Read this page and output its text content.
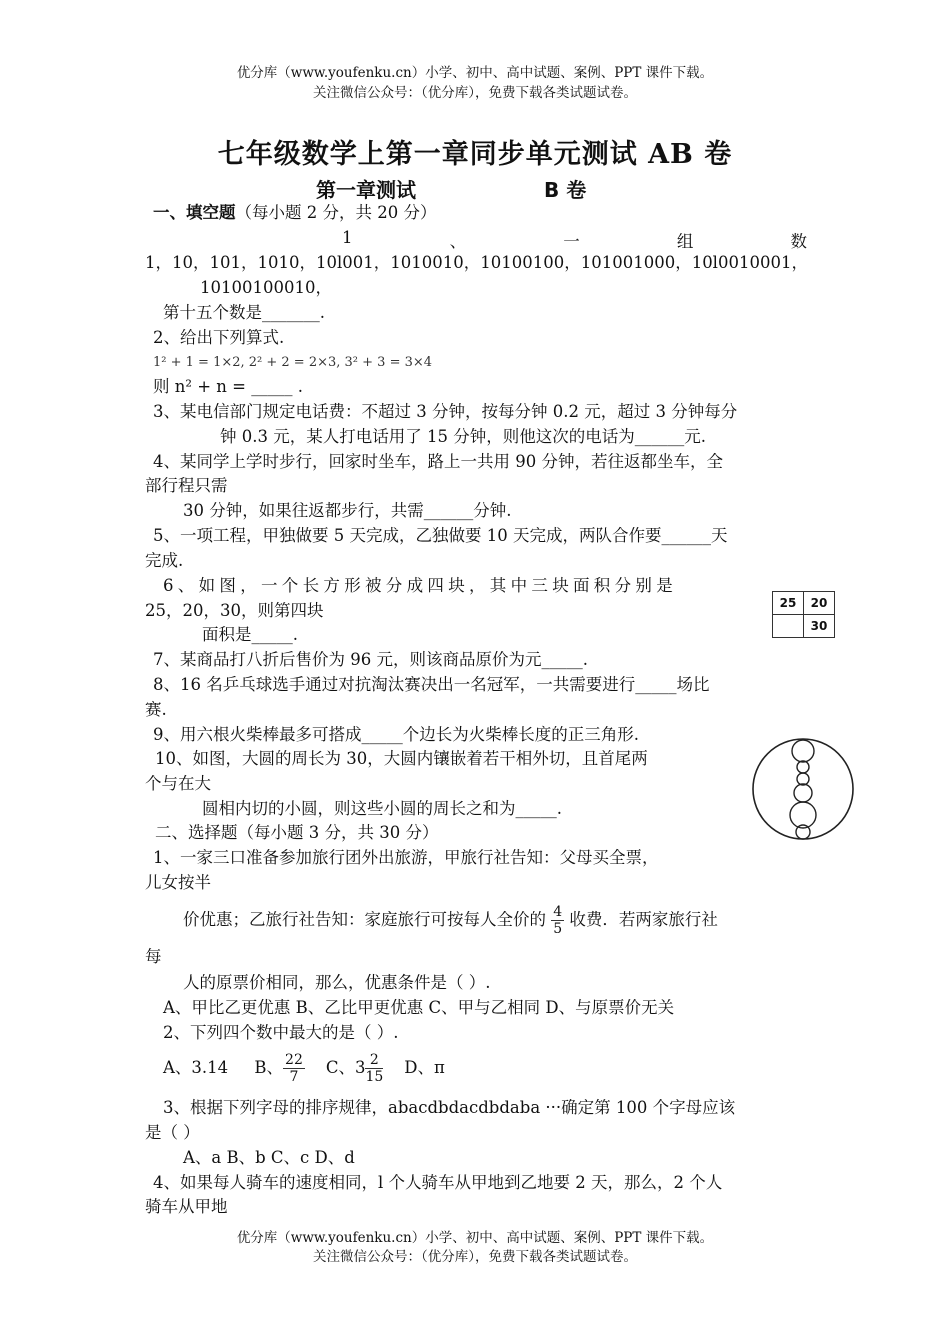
优分库（www.youfenku.cn）小学、初中、高中试题、案例、PPT 课件下载。
关注微信公众号：（优分库），免费下载各类试题试卷。
七年级数学上第一章同步单元测试 AB 卷
第一章测试	B 卷
一、填空题（每小题 2 分，共 20 分）
1	、	一	组	数
1，10，101，1010，10l001，1010010，10100100，101001000，10l0010001，
10100100010，
第十五个数是_______.
2、给出下列算式.
1² + 1 = 1×2, 2² + 2 = 2×3, 3² + 3 = 3×4
则 n² + n = _____ .
3、某电信部门规定电话费：不超过 3 分钟，按每分钟 0.2 元，超过 3 分钟每分
钟 0.3 元，某人打电话用了 15 分钟，则他这次的电话为______元.
4、某同学上学时步行，回家时坐车，路上一共用 90 分钟，若往返都坐车，全
部行程只需
30 分钟，如果往返都步行，共需______分钟.
5、一项工程，甲独做要 5 天完成，乙独做要 10 天完成，两队合作要______天
完成.
6、如图，一个长方形被分成四块，其中三块面积分别是
25，20，30，则第四块
面积是_____.
25	20
	30
7、某商品打八折后售价为 96 元，则该商品原价为元_____.
8、16 名乒乓球选手通过对抗淘汰赛决出一名冠军，一共需要进行_____场比
赛.
9、用六根火柴棒最多可搭成_____个边长为火柴棒长度的正三角形.
10、如图，大圆的周长为 30，大圆内镶嵌着若干相外切，且首尾两
个与在大
圆相内切的小圆，则这些小圆的周长之和为_____.
二、选择题（每小题 3 分，共 30 分）
1、一家三口准备参加旅行团外出旅游，甲旅行社告知：父母买全票，
儿女按半
价优惠；乙旅行社告知：家庭旅行可按每人全价的 $\frac{4}{5}$ 收费．若两家旅行社
每
人的原票价相同，那么，优惠条件是（ ）.
A、甲比乙更优惠 B、乙比甲更优惠 C、甲与乙相同 D、与原票价无关
2、下列四个数中最大的是（ ）.
A、3.14 B、 $\frac{22}{7}$ C、$3 \frac{2}{15}$ D、π
3、根据下列字母的排序规律，abacdbdacdbdaba ···确定第 100 个字母应该
是（ ）
A、a B、b C、c D、d
4、如果每人骑车的速度相同，l 个人骑车从甲地到乙地要 2 天，那么，2 个人
骑车从甲地
优分库（www.youfenku.cn）小学、初中、高中试题、案例、PPT 课件下载。
关注微信公众号：（优分库），免费下载各类试题试卷。
